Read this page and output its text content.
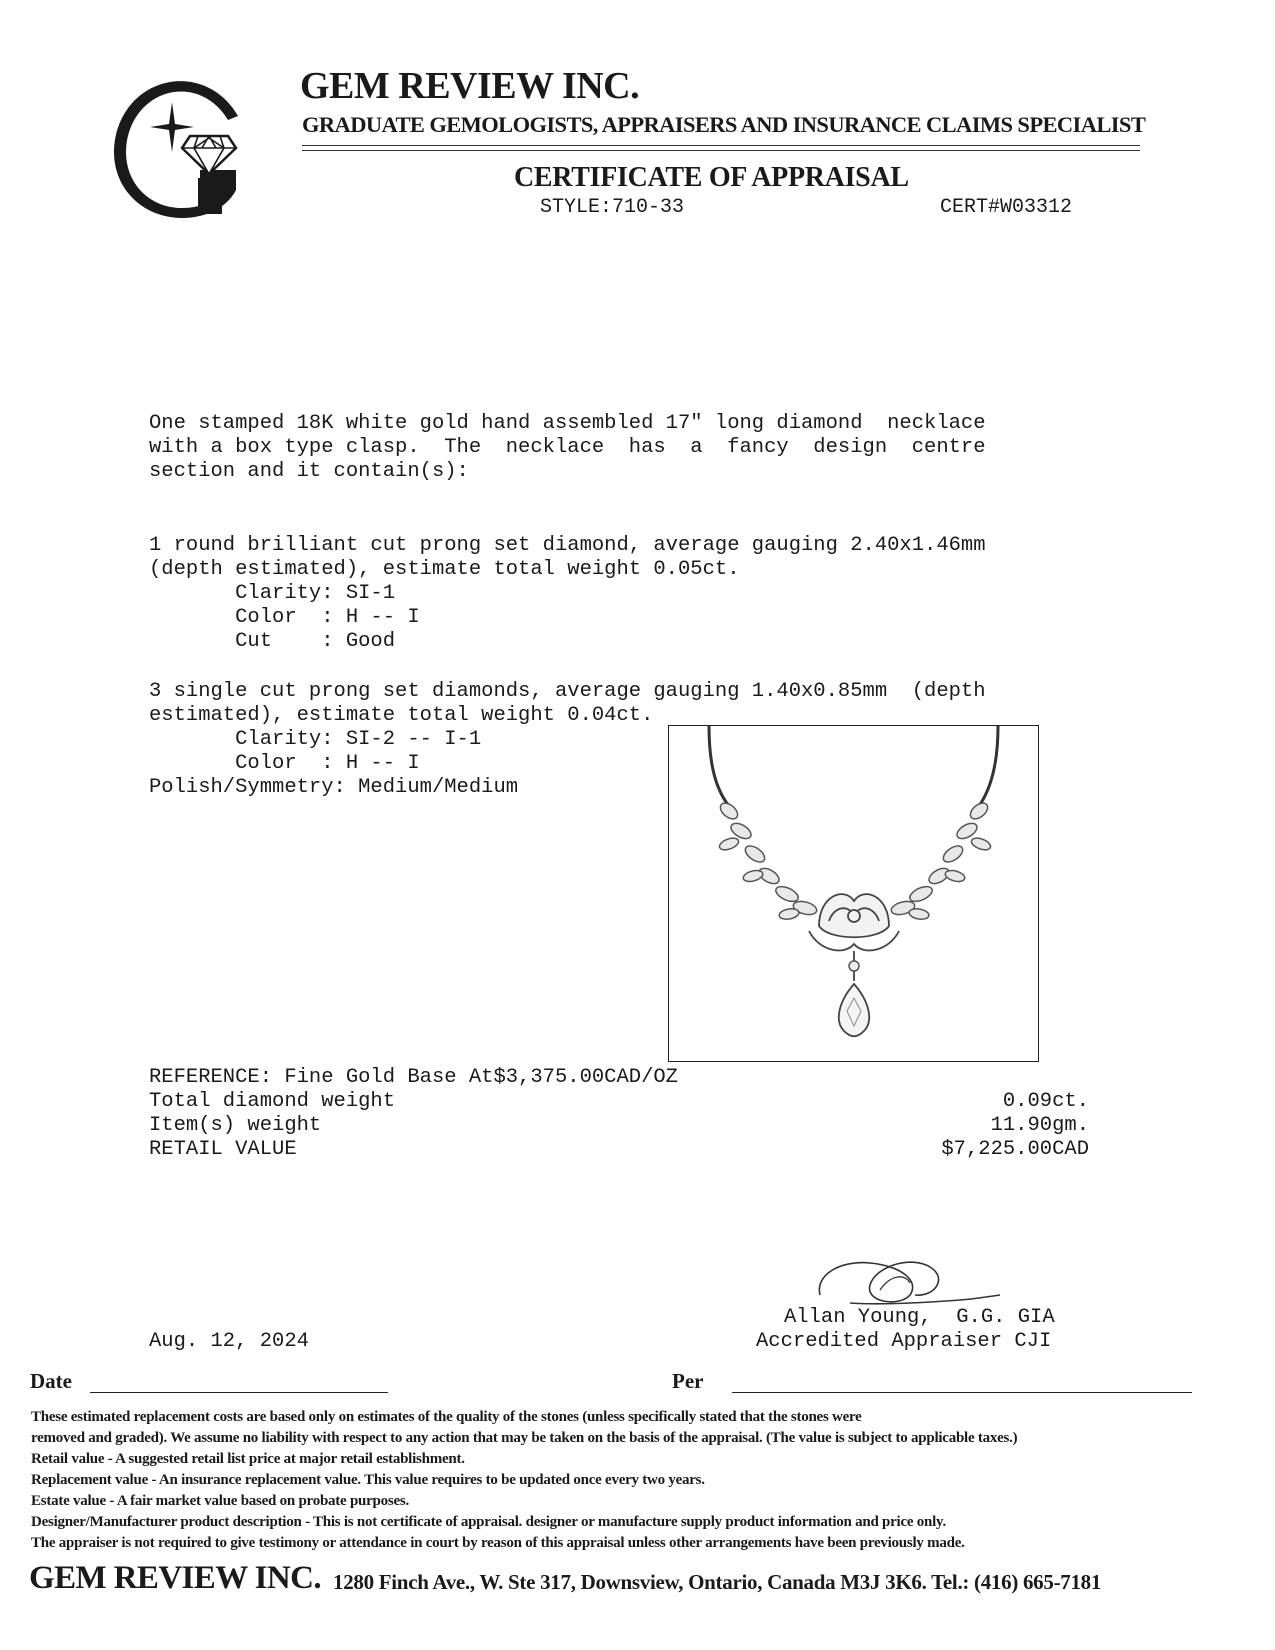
GEM REVIEW INC.
GRADUATE GEMOLOGISTS, APPRAISERS AND INSURANCE CLAIMS SPECIALIST
CERTIFICATE OF APPRAISAL
STYLE:710-33	CERT#W03312
One stamped 18K white gold hand assembled 17" long diamond  necklace
with a box type clasp.  The  necklace  has  a  fancy  design  centre
section and it contain(s):
1 round brilliant cut prong set diamond, average gauging 2.40x1.46mm
(depth estimated), estimate total weight 0.05ct.
Clarity: SI-1
Color  : H -- I
Cut    : Good
3 single cut prong set diamonds, average gauging 1.40x0.85mm  (depth
estimated), estimate total weight 0.04ct.
Clarity: SI-2 -- I-1
Color  : H -- I
Polish/Symmetry: Medium/Medium
REFERENCE: Fine Gold Base At$3,375.00CAD/OZ
Total diamond weight	0.09ct.
Item(s) weight	11.90gm.
RETAIL VALUE	$7,225.00CAD
Allan Young,  G.G. GIA
Aug. 12, 2024	Accredited Appraiser CJI
Date	Per
These estimated replacement costs are based only on estimates of the quality of the stones (unless specifically stated that the stones were
removed and graded). We assume no liability with respect to any action that may be taken on the basis of the appraisal. (The value is subject to applicable taxes.)
Retail value - A suggested retail list price at major retail establishment.
Replacement value - An insurance replacement value. This value requires to be updated once every two years.
Estate value - A fair market value based on probate purposes.
Designer/Manufacturer product description - This is not certificate of appraisal. designer or manufacture supply product information and price only.
The appraiser is not required to give testimony or attendance in court by reason of this appraisal unless other arrangements have been previously made.
GEM REVIEW INC. 1280 Finch Ave., W. Ste 317, Downsview, Ontario, Canada M3J 3K6. Tel.: (416) 665-7181
